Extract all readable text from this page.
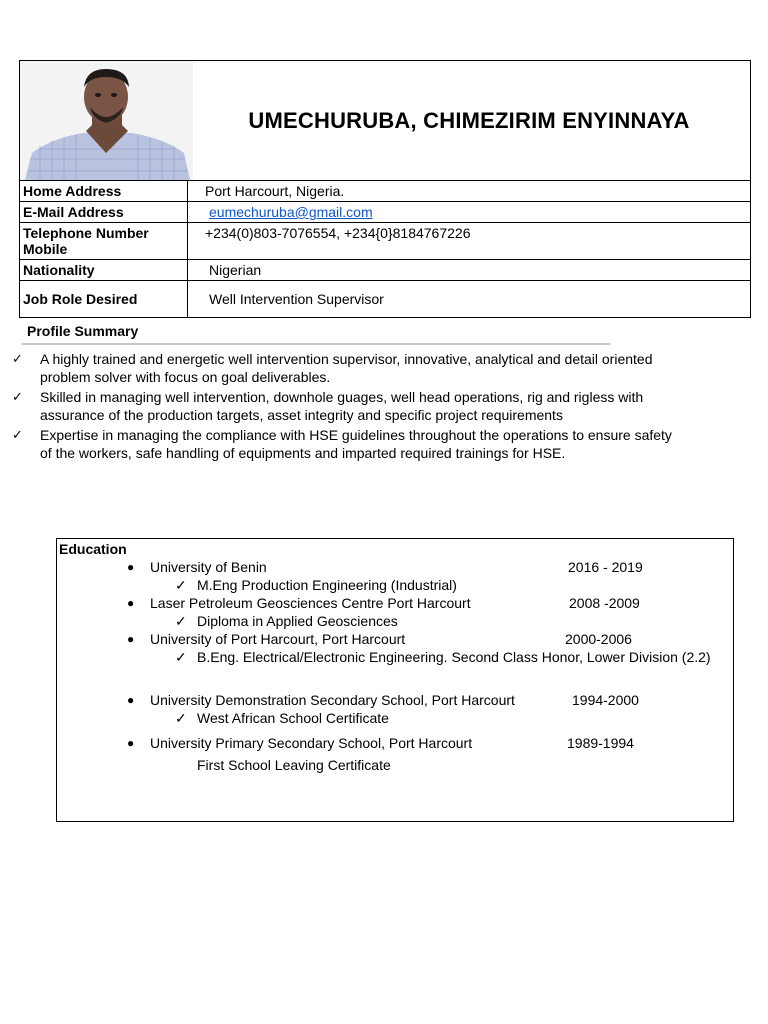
	UMECHURUBA, CHIMEZIRIM ENYINNAYA
Home Address	Port Harcourt, Nigeria.
E-Mail Address	eumechuruba@gmail.com
Telephone Number Mobile	+234(0)803-7076554, +234{0}8184767226
Nationality	Nigerian
Job Role Desired	Well Intervention Supervisor
Profile Summary
✓ A highly trained and energetic well intervention supervisor, innovative, analytical and detail oriented problem solver with focus on goal deliverables.
✓ Skilled in managing well intervention, downhole guages, well head operations, rig and rigless with assurance of the production targets, asset integrity and specific project requirements
✓ Expertise in managing the compliance with HSE guidelines throughout the operations to ensure safety of the workers, safe handling of equipments and imparted required trainings for HSE.
Education
● University of Benin	2016 - 2019
✓ M.Eng Production Engineering (Industrial)
● Laser Petroleum Geosciences Centre Port Harcourt	2008 -2009
✓ Diploma in Applied Geosciences
● University of Port Harcourt, Port Harcourt	2000-2006
✓ B.Eng. Electrical/Electronic Engineering. Second Class Honor, Lower Division (2.2)
● University Demonstration Secondary School, Port Harcourt	1994-2000
✓ West African School Certificate
● University Primary Secondary School, Port Harcourt	1989-1994
First School Leaving Certificate
